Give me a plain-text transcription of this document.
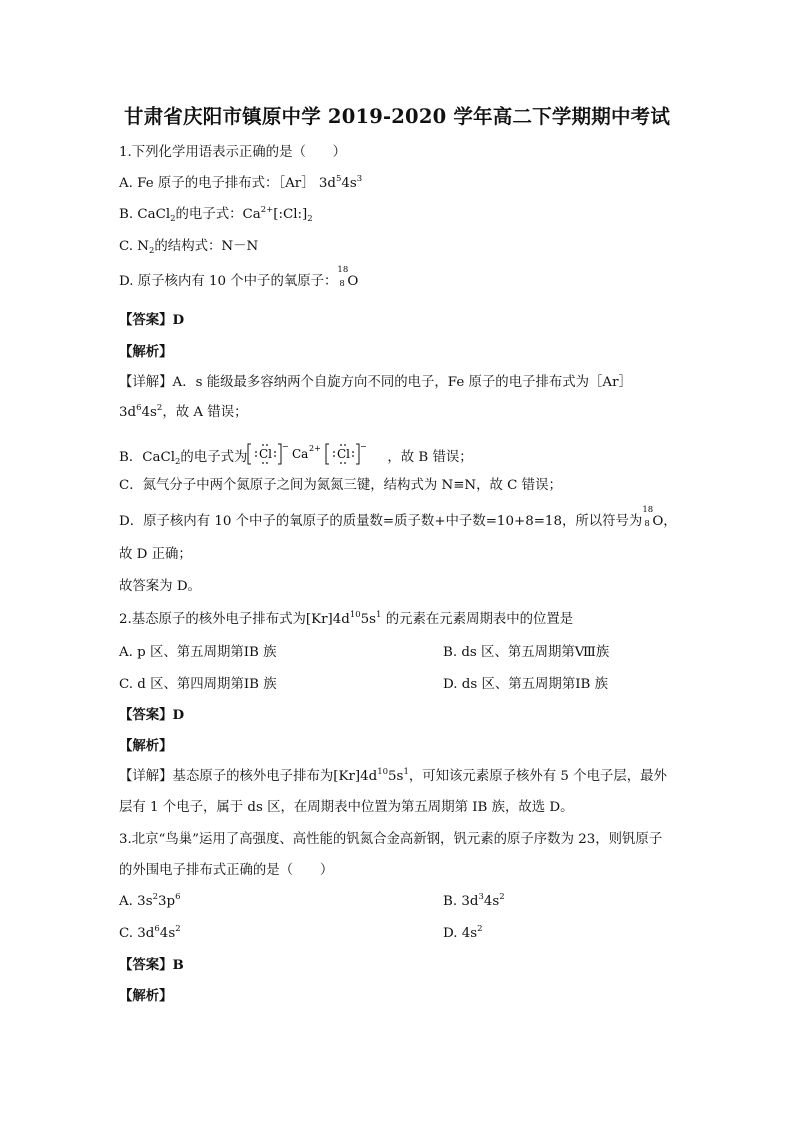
甘肃省庆阳市镇原中学 2019-2020 学年高二下学期期中考试
1.下列化学用语表示正确的是（　　）
A. Fe 原子的电子排布式：［Ar］ $3d^54s^3$
B. CaCl$_2$的电子式：$Ca^{2+}[:Cl:]_2$
C. $N_2$的结构式：N－N
D. 原子核内有 10 个中子的氧原子：
18
8 O
【答案】D
【解析】
【详解】A．s 能级最多容纳两个自旋方向不同的电子，Fe 原子的电子排布式为［Ar］
$3d^64s^2$，故 A 错误；
B．CaCl$_2$的电子式为 Cl
−
Ca 2+ Cl
−
，故 B 错误；
C．氮气分子中两个氮原子之间为氮氮三键，结构式为 N≡N，故 C 错误；
D．原子核内有 10 个中子的氧原子的质量数=质子数+中子数=10+8=18，所以符号为
18
8 O，
故 D 正确；
故答案为 D。
2.基态原子的核外电子排布式为$[Kr]4d^{10}5s^1$ 的元素在元素周期表中的位置是
A. p 区、第五周期第ⅠB 族	B. ds 区、第五周期第Ⅷ族
C. d 区、第四周期第ⅠB 族	D. ds 区、第五周期第ⅠB 族
【答案】D
【解析】
【详解】基态原子的核外电子排布为$[Kr]4d^{10}5s^1$，可知该元素原子核外有 5 个电子层，最外
层有 1 个电子，属于 ds 区，在周期表中位置为第五周期第 IB 族，故选 D。
3.北京“鸟巢”运用了高强度、高性能的钒氮合金高新钢，钒元素的原子序数为 23，则钒原子
的外围电子排布式正确的是（　　）
A. $3s^23p^6$	B. $3d^34s^2$
C. $3d^64s^2$	D. $4s^2$
【答案】B
【解析】
